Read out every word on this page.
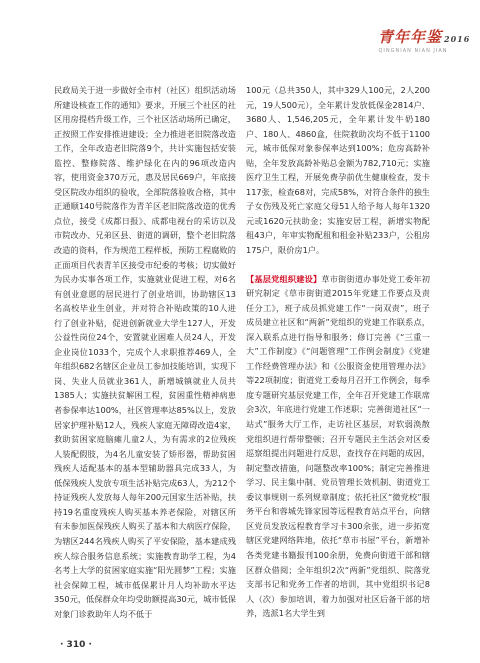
青年年鉴 2016
QINGNIAN NIAN JIAN

民政局关于进一步做好全市村（社区）组织活动场所建设核查工作的通知》要求，开展三个社区的社区用房提档升级工作，三个社区活动场所已确定，正按照工作安排推进建设；全力推进老旧院落改造工作，全年改造老旧院落9个，共计实施包括安装监控、整修院落、维护绿化在内的96项改造内容，使用资金370万元，惠及居民669户，年底接受区院改办组织的验收，全部院落验收合格，其中正通顺140号院落作为青羊区老旧院落改造的优秀点位，接受《成都日报》、成都电视台的采访以及市院改办、兄弟区县、街道的调研，整个老旧院落改造的资料，作为规范工程样板，预防工程腐败的正面项目代表青羊区接受市纪委的考核；切实做好为民办实事各项工作，实施就业促进工程，对6名有创业意愿的居民进行了创业培训，协助辖区13名高校毕业生创业，并对符合补贴政策的10人进行了创业补贴，促进创新就业大学生127人，开发公益性岗位24个，安置就业困难人员24人，开发企业岗位1033个，完成个人求职推荐469人，全年组织682名辖区企业员工参加技能培训，实现下岗、失业人员就业361人，新增城镇就业人员共1385人；实施扶贫解困工程，贫困重性精神病患者参保率达100%，社区管理率达85%以上，发放居家护理补贴12人，残疾人家庭无障碍改造4家，救助贫困家庭脑瘫儿童2人，为有需求的2位残疾人装配假肢，为4名儿童安装了矫形器，帮助贫困残疾人适配基本的基本型辅助器具完成33人，为低保残疾人发放专项生活补贴完成63人，为212个持证残疾人发放每人每年200元国家生活补贴，扶持19名重度残疾人购买基本养老保险，对辖区所有未参加医保残疾人购买了基本和大病医疗保险，为辖区244名残疾人购买了平安保险，基本建成残疾人综合服务信息系统；实施教育助学工程，为4名考上大学的贫困家庭实施“阳光圆梦”工程；实施社会保障工程，城市低保累计月人均补助水平达350元，低保群众年均受助额提高30元，城市低保对象门诊救助年人均不低于

100元（总共350人，其中329人100元，2人200元，19人500元），全年累计发放低保金2814户、3680人、1,546,205元，全年累计发牛奶180户、180人、4860盒，住院救助次均不低于1100元，城市低保对象参保率达到100%；危房高龄补贴，全年发放高龄补贴总金额为782,710元；实施医疗卫生工程，开展免费孕前优生健康检查，发卡117张，检查68对，完成58%，对符合条件的独生子女伤残及死亡家庭父母51人给予每人每年1320元或1620元扶助金；实施安居工程，新增实物配租43户，年审实物配租和租金补贴233户，公租房175户，限价房1户。

【基层党组织建设】草市街街道办事处党工委年初研究制定《草市街街道2015年党建工作要点及责任分工》，班子成员抓党建工作“一岗双责”，班子成员建立社区和“两新”党组织的党建工作联系点，深入联系点进行指导和服务；修订完善《“三重一大”工作制度》《“问题管理”工作例会制度》《党建工作经费管理办法》和《公服资金使用管理办法》等22项制度；街道党工委每月召开工作例会，每季度专题研究基层党建工作，全年召开党建工作联席会3次，年底进行党建工作述职；完善街道社区“一站式”服务大厅工作，走访社区基层，对软弱涣散党组织进行帮带整顿；召开专题民主生活会对区委巡察组提出问题进行反思，查找存在问题的成因，制定整改措施，问题整改率100%；制定完善推进学习、民主集中制、党员管理长效机制、街道党工委议事规则一系列规章制度；依托社区“微党校”服务平台和蓉城先锋家园等远程教育站点平台，向辖区党员发放远程教育学习卡300余张，进一步拓宽辖区党建网络阵地，依托“草市书屋”平台，新增补各类党建书籍报刊100余册，免费向街道干部和辖区群众借阅；全年组织2次“两新”党组织、院落党支部书记和党务工作者的培训，其中党组织书记8人（次）参加培训，着力加强对社区后备干部的培养，选派1名大学生到

· 310 ·
